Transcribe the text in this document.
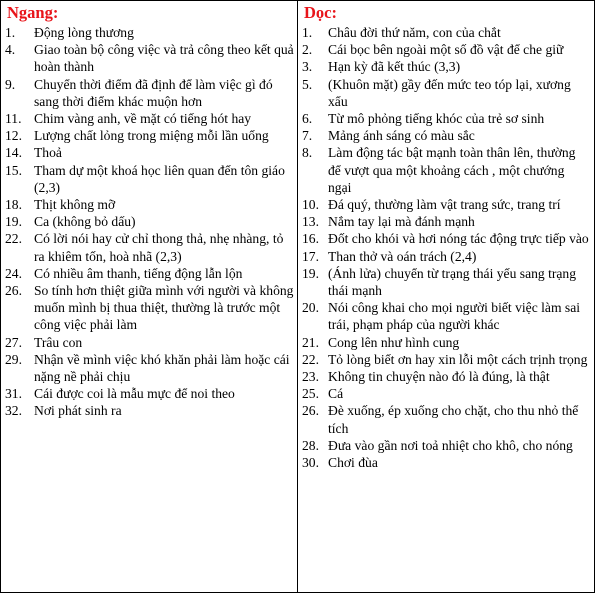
Ngang:
1.	Động lòng thương
4.	Giao toàn bộ công việc và trả công theo kết quả hoàn thành
9.	Chuyển thời điểm đã định để làm việc gì đó sang thời điểm khác muộn hơn
11. Chim vàng anh, về mặt có tiếng hót hay
12. Lượng chất lỏng trong miệng mỗi lần uống
14. Thoả
15. Tham dự một khoá học liên quan đến tôn giáo (2,3)
18. Thịt không mỡ
19. Ca (không bỏ dấu)
22. Có lời nói hay cử chỉ thong thả, nhẹ nhàng, tỏ ra khiêm tốn, hoà nhã (2,3)
24. Có nhiều âm thanh, tiếng động lẫn lộn
26. So tính hơn thiệt giữa mình với người và không muốn mình bị thua thiệt, thường là trước một công việc phải làm
27. Trâu con
29. Nhận về mình việc khó khăn phải làm hoặc cái nặng nề phải chịu
31. Cái được coi là mẫu mực để noi theo
32. Nơi phát sinh ra
Dọc:
1.	Châu đời thứ năm, con của chắt
2.	Cái bọc bên ngoài một số đồ vật để che giữ
3.	Hạn kỳ đã kết thúc (3,3)
5.	(Khuôn mặt) gầy đến mức teo tóp lại, xương xẩu
6.	Từ mô phỏng tiếng khóc của trẻ sơ sinh
7.	Mảng ánh sáng có màu sắc
8.	Làm động tác bật mạnh toàn thân lên, thường để vượt qua một khoảng cách , một chướng ngại
10. Đá quý, thường làm vật trang sức, trang trí
13. Nắm tay lại mà đánh mạnh
16. Đốt cho khói và hơi nóng tác động trực tiếp vào
17. Than thở và oán trách (2,4)
19. (Ánh lửa) chuyển từ trạng thái yếu sang trạng thái mạnh
20. Nói công khai cho mọi người biết việc làm sai trái, phạm pháp của người khác
21. Cong lên như hình cung
22. Tỏ lòng biết ơn hay xin lỗi một cách trịnh trọng
23. Không tin chuyện nào đó là đúng, là thật
25. Cá
26. Đè xuống, ép xuống cho chặt, cho thu nhỏ thể tích
28. Đưa vào gần nơi toả nhiệt cho khô, cho nóng
30. Chơi đùa
